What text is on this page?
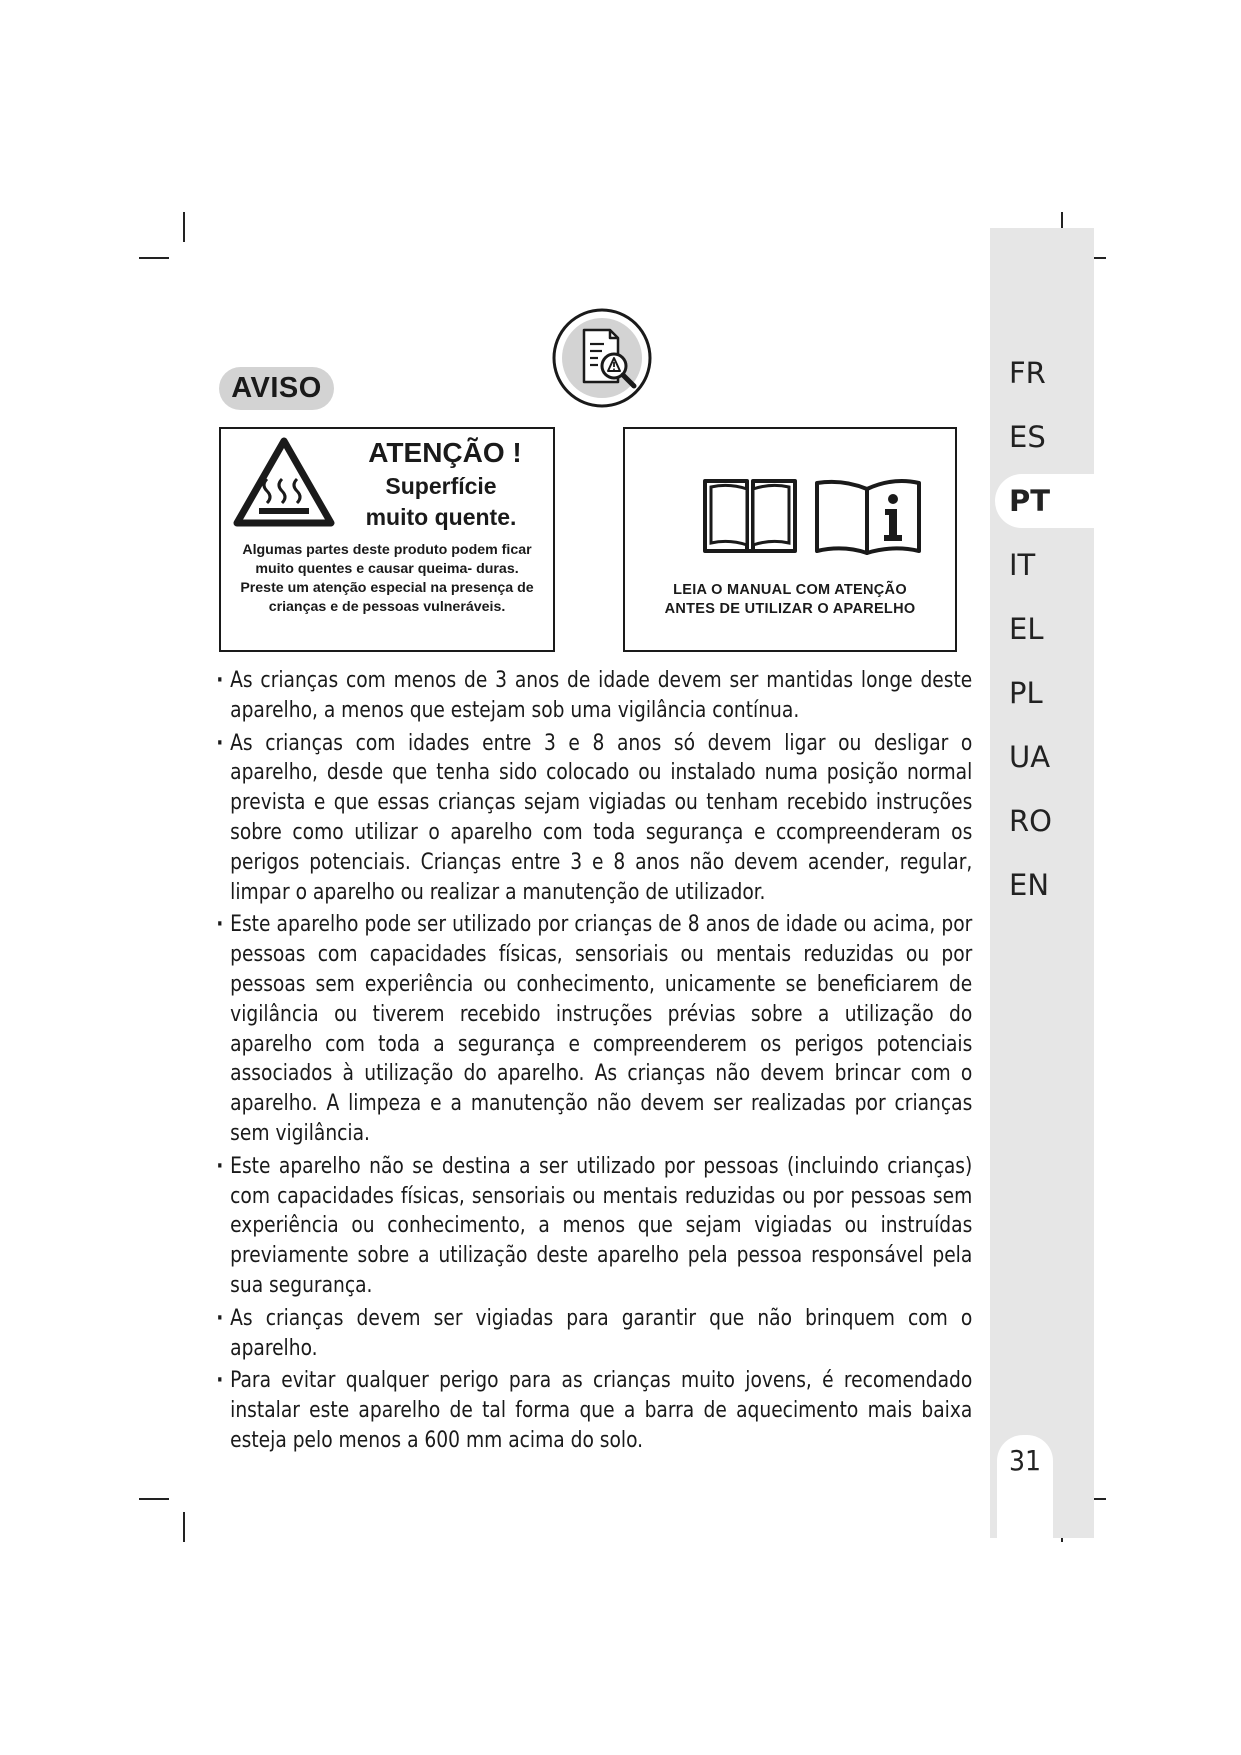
FR
ES
PT
IT
EL
PL
UA
RO
EN
31
AVISO
ATENÇÃO !
Superfície
muito quente.
Algumas partes deste produto podem ficar muito quentes e causar queima- duras. Preste um atenção especial na presença de crianças e de pessoas vulneráveis.
LEIA O MANUAL COM ATENÇÃO
ANTES DE UTILIZAR O APARELHO
· As crianças com menos de 3 anos de idade devem ser mantidas longe deste aparelho, a menos que estejam sob uma vigilância contínua.
· As crianças com idades entre 3 e 8 anos só devem ligar ou desligar o aparelho, desde que tenha sido colocado ou instalado numa posição normal prevista e que essas crianças sejam vigiadas ou tenham recebido instruções sobre como utilizar o aparelho com toda segurança e ccompreenderam os perigos potenciais. Crianças entre 3 e 8 anos não devem acender, regular, limpar o aparelho ou realizar a manutenção de utilizador.
· Este aparelho pode ser utilizado por crianças de 8 anos de idade ou acima, por pessoas com capacidades físicas, sensoriais ou mentais reduzidas ou por pessoas sem experiência ou conhecimento, unicamente se beneficiarem de vigilância ou tiverem recebido instruções prévias sobre a utilização do aparelho com toda a segurança e compreenderem os perigos potenciais associados à utilização do aparelho. As crianças não devem brincar com o aparelho. A limpeza e a manutenção não devem ser realizadas por crianças sem vigilância.
· Este aparelho não se destina a ser utilizado por pessoas (incluindo crianças) com capacidades físicas, sensoriais ou mentais reduzidas ou por pessoas sem experiência ou conhecimento, a menos que sejam vigiadas ou instruídas previamente sobre a utilização deste aparelho pela pessoa responsável pela sua segurança.
· As crianças devem ser vigiadas para garantir que não brinquem com o aparelho.
· Para evitar qualquer perigo para as crianças muito jovens, é recomendado instalar este aparelho de tal forma que a barra de aquecimento mais baixa esteja pelo menos a 600 mm acima do solo.
